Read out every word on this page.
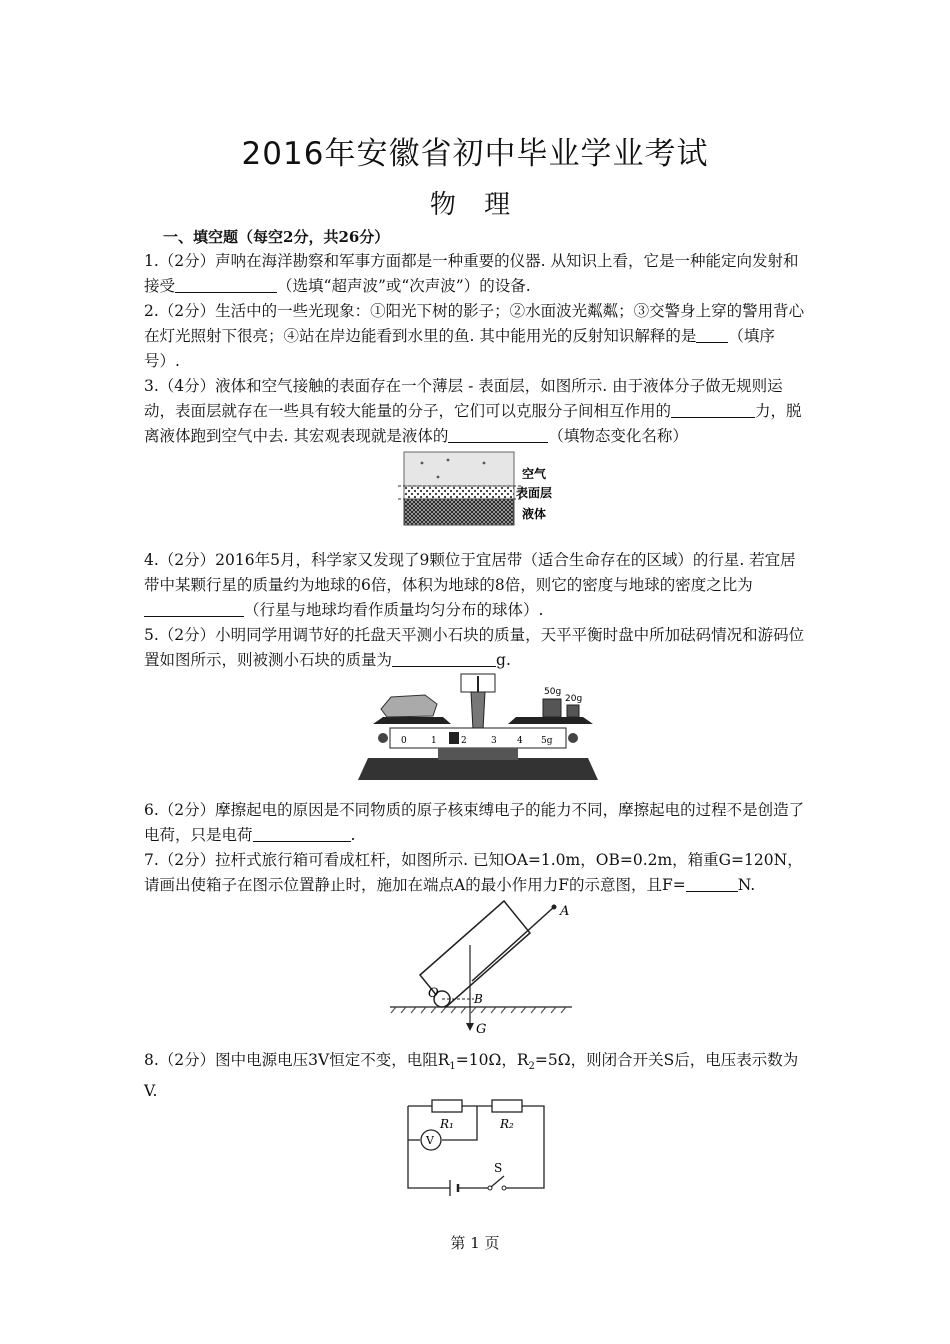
2016年安徽省初中毕业学业考试
物 理
一、填空题（每空2分，共26分）

1.（2分）声呐在海洋勘察和军事方面都是一种重要的仪器. 从知识上看，它是一种能定向发射和接受	（选填“超声波”或“次声波”）的设备.

2.（2分）生活中的一些光现象：①阳光下树的影子；②水面波光粼粼；③交警身上穿的警用背心在灯光照射下很亮；④站在岸边能看到水里的鱼. 其中能用光的反射知识解释的是 （填序号）.

3.（4分）液体和空气接触的表面存在一个薄层 - 表面层，如图所示. 由于液体分子做无规则运动，表面层就存在一些具有较大能量的分子，它们可以克服分子间相互作用的	力，脱离液体跑到空气中去. 其宏观表现就是液体的	（填物态变化名称）

空气
表面层
液体

4.（2分）2016年5月，科学家又发现了9颗位于宜居带（适合生命存在的区域）的行星. 若宜居带中某颗行星的质量约为地球的6倍，体积为地球的8倍，则它的密度与地球的密度之比为（行星与地球均看作质量均匀分布的球体）.

5.（2分）小明同学用调节好的托盘天平测小石块的质量，天平平衡时盘中所加砝码情况和游码位置如图所示，则被测小石块的质量为	g.

50g
20g
0	1	2	3 4 5g

6.（2分）摩擦起电的原因是不同物质的原子核束缚电子的能力不同，摩擦起电的过程不是创造了电荷，只是电荷	.

7.（2分）拉杆式旅行箱可看成杠杆，如图所示. 已知OA=1.0m，OB=0.2m，箱重G=120N，请画出使箱子在图示位置静止时，施加在端点A的最小作用力F的示意图，且F=	N.

A
O	B
G

8.（2分）图中电源电压3V恒定不变，电阻$R_1=10\Omega$，$R_2=5\Omega$，则闭合开关S后，电压表示数为V.

R₁	R₂
V
S
第 1 页
